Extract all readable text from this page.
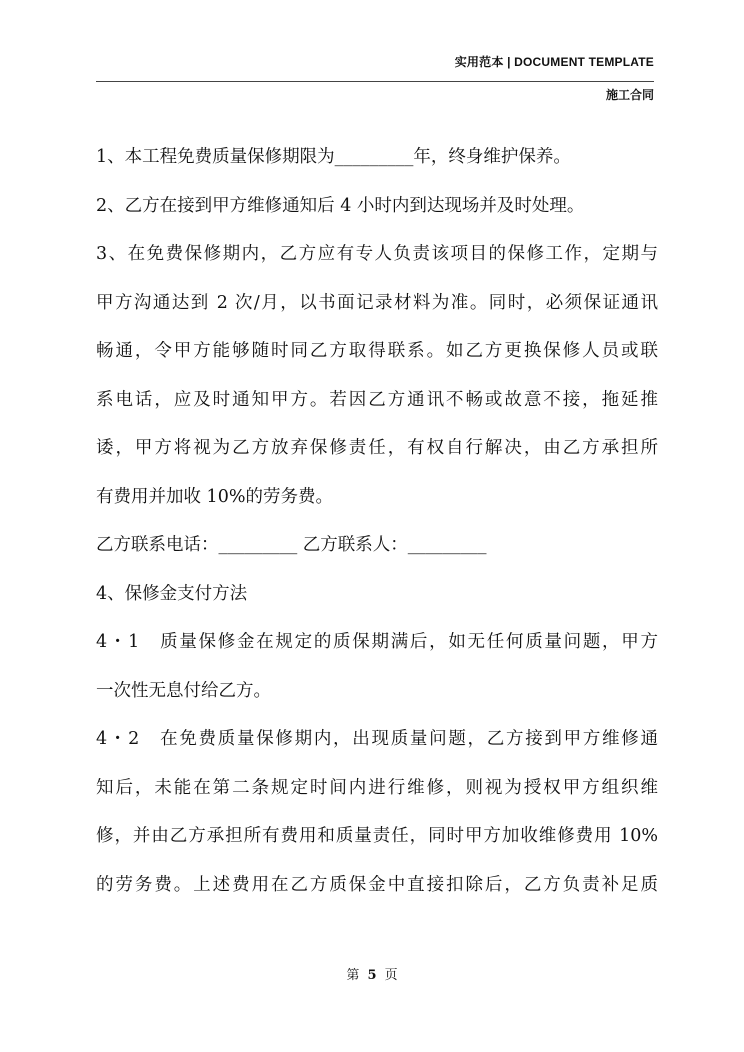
实用范本 | DOCUMENT TEMPLATE
施工合同
1、本工程免费质量保修期限为_________年，终身维护保养。
2、乙方在接到甲方维修通知后 4 小时内到达现场并及时处理。
3、在免费保修期内，乙方应有专人负责该项目的保修工作，定期与
甲方沟通达到 2 次/月，以书面记录材料为准。同时，必须保证通讯
畅通，令甲方能够随时同乙方取得联系。如乙方更换保修人员或联
系电话，应及时通知甲方。若因乙方通讯不畅或故意不接，拖延推
诿，甲方将视为乙方放弃保修责任，有权自行解决，由乙方承担所
有费用并加收 10%的劳务费。
乙方联系电话：_________ 乙方联系人：_________
4、保修金支付方法
4・1　质量保修金在规定的质保期满后，如无任何质量问题，甲方
一次性无息付给乙方。
4・2　在免费质量保修期内，出现质量问题，乙方接到甲方维修通
知后，未能在第二条规定时间内进行维修，则视为授权甲方组织维
修，并由乙方承担所有费用和质量责任，同时甲方加收维修费用 10%
的劳务费。上述费用在乙方质保金中直接扣除后，乙方负责补足质
第 5 页
